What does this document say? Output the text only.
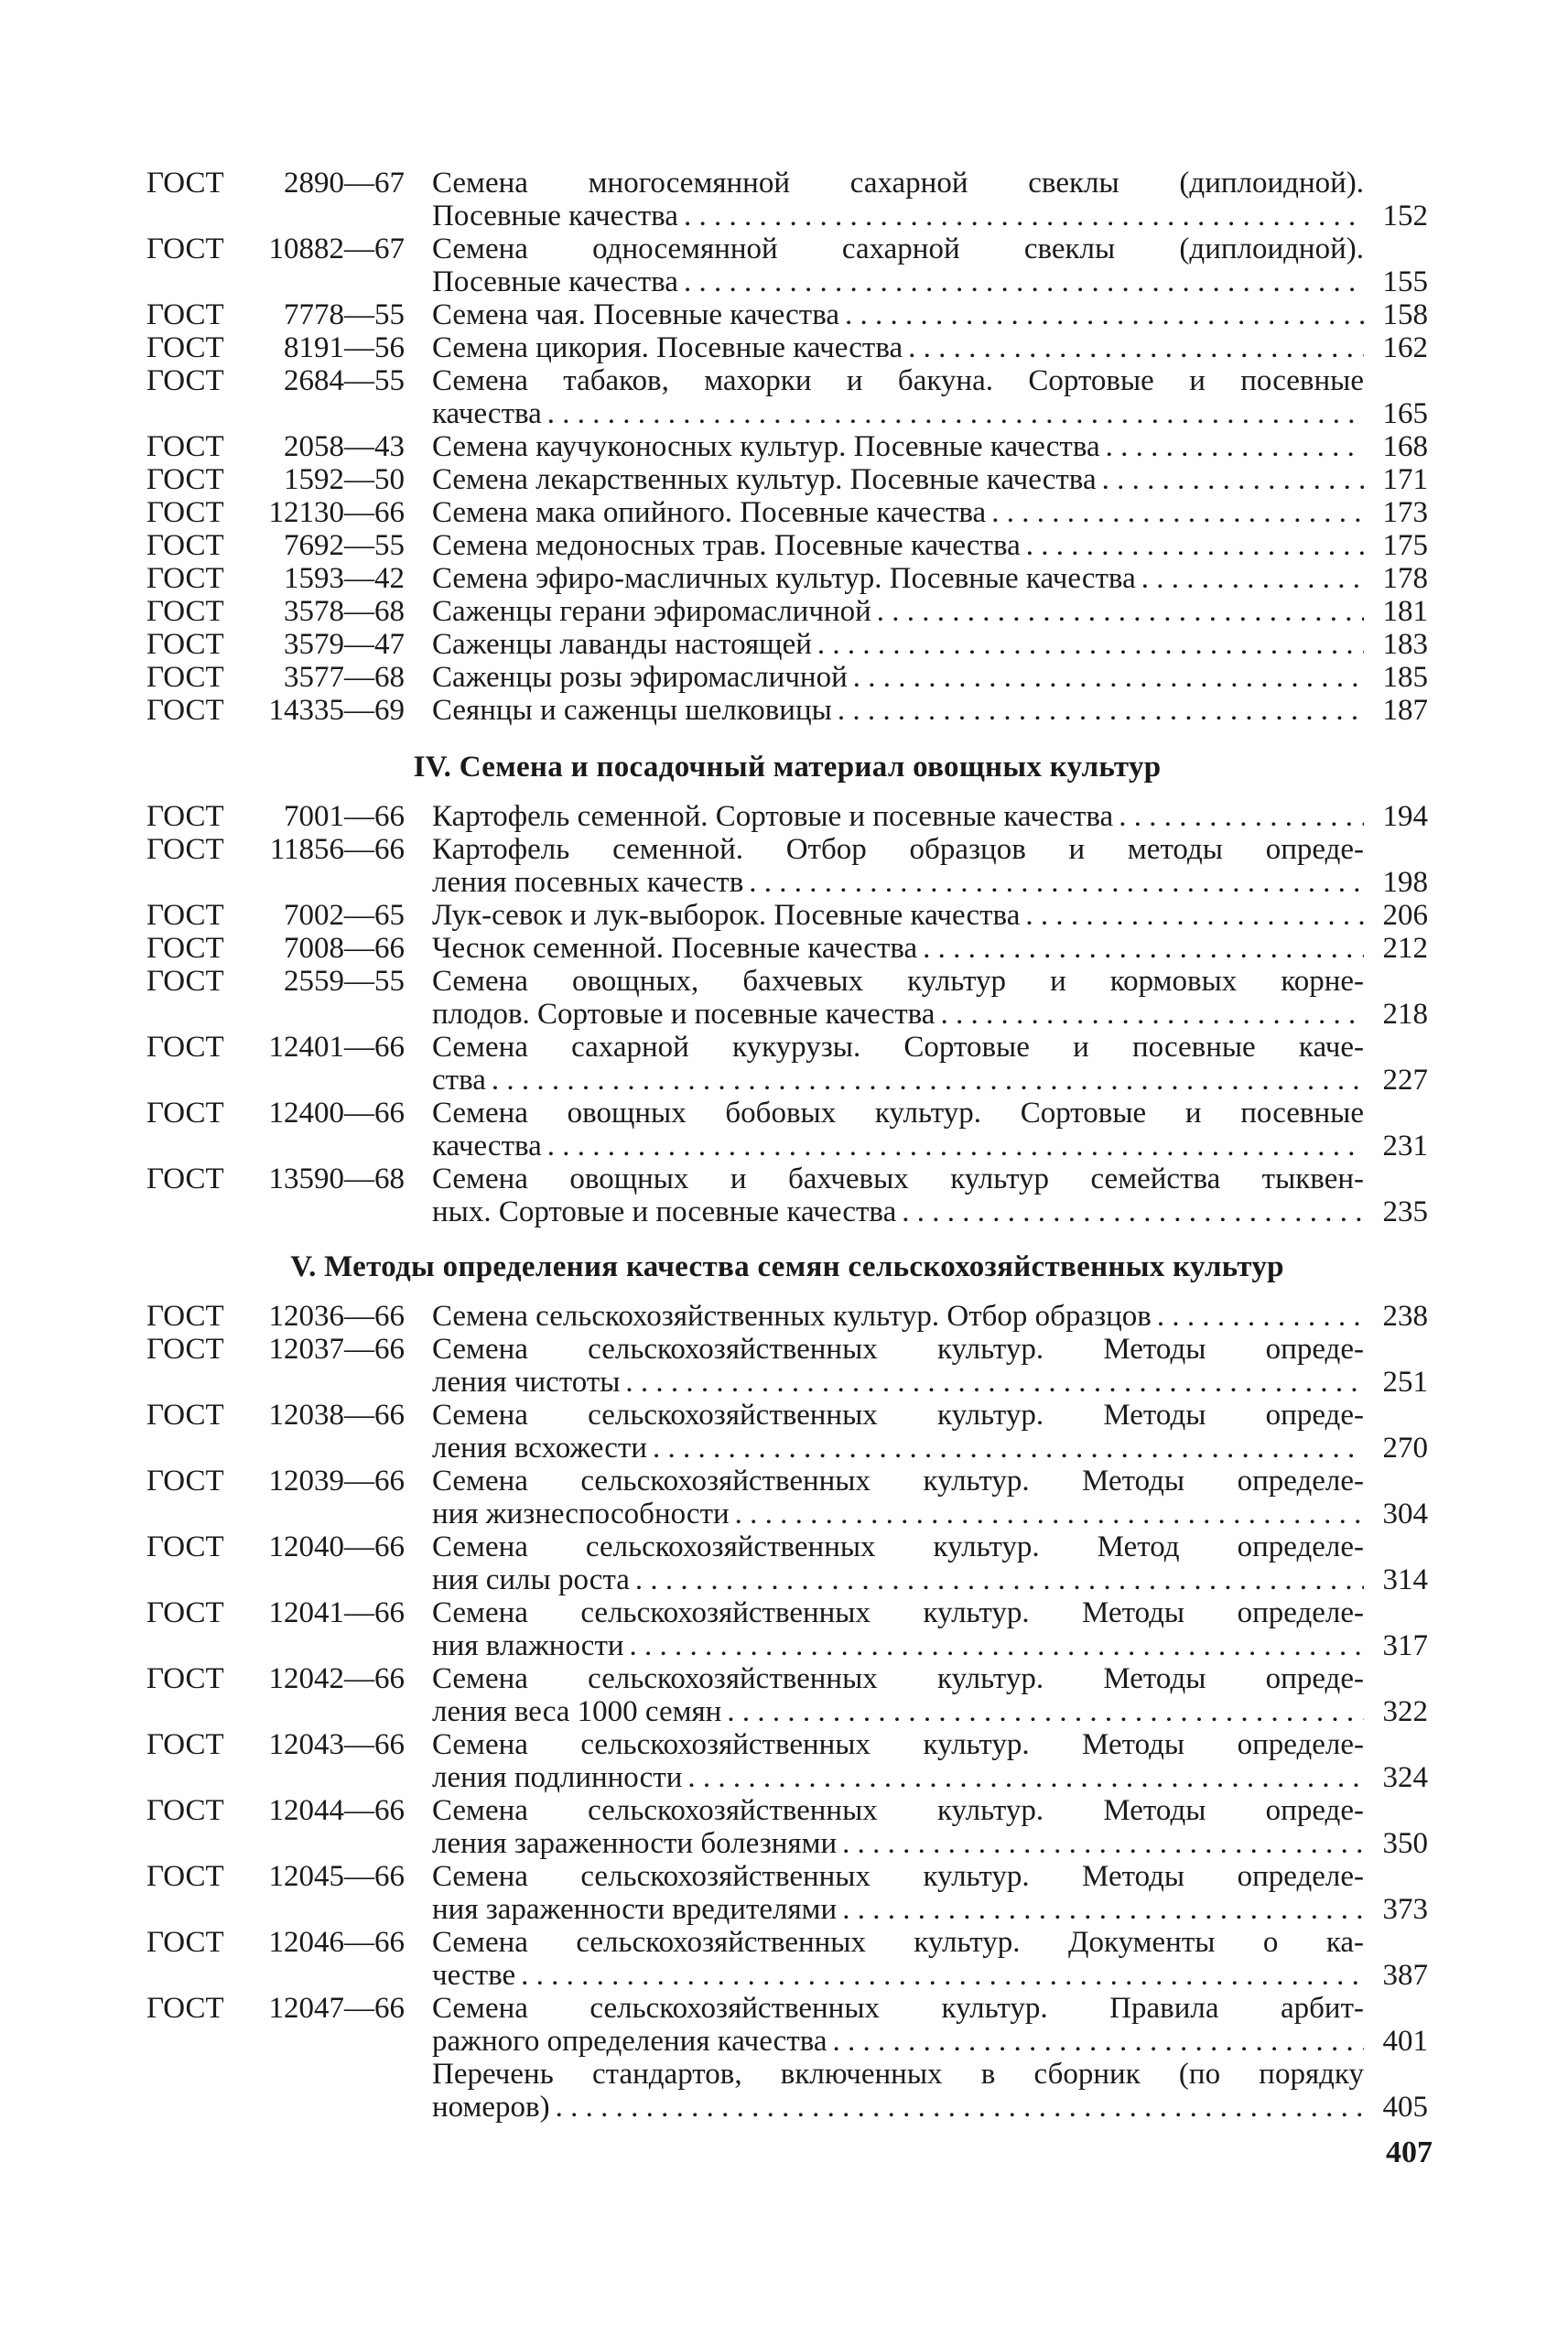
ГОСТ	2890—67 Семена многосемянной сахарной свеклы (диплоидной).
Посевные качества . . .	152
ГОСТ	10882—67 Семена односемянной сахарной свеклы (диплоидной).
Посевные качества . . .	155
ГОСТ	7778—55 Семена чая. Посевные качества . . .	158
ГОСТ	8191—56 Семена цикория. Посевные качества . . .	162
ГОСТ	2684—55 Семена табаков, махорки и бакуна. Сортовые и посевные
качества . . .	165
ГОСТ	2058—43 Семена каучуконосных культур. Посевные качества . . .	168
ГОСТ	1592—50 Семена лекарственных культур. Посевные качества . . .	171
ГОСТ	12130—66 Семена мака опийного. Посевные качества . . .	173
ГОСТ	7692—55 Семена медоносных трав. Посевные качества . . .	175
ГОСТ	1593—42 Семена эфиро-масличных культур. Посевные качества . . .	178
ГОСТ	3578—68 Саженцы герани эфиромасличной . . .	181
ГОСТ	3579—47 Саженцы лаванды настоящей . . .	183
ГОСТ	3577—68 Саженцы розы эфиромасличной . . .	185
ГОСТ	14335—69 Сеянцы и саженцы шелковицы . . .	187
IV. Семена и посадочный материал овощных культур
ГОСТ	7001—66 Картофель семенной. Сортовые и посевные качества . . .	194
ГОСТ	11856—66 Картофель семенной. Отбор образцов и методы опреде-
ления посевных качеств . . .	198
ГОСТ	7002—65 Лук-севок и лук-выборок. Посевные качества . . .	206
ГОСТ	7008—66 Чеснок семенной. Посевные качества . . .	212
ГОСТ	2559—55 Семена овощных, бахчевых культур и кормовых корне-
плодов. Сортовые и посевные качества . . .	218
ГОСТ	12401—66 Семена сахарной кукурузы. Сортовые и посевные каче-
ства . . .	227
ГОСТ	12400—66 Семена овощных бобовых культур. Сортовые и посевные
качества . . .	231
ГОСТ	13590—68 Семена овощных и бахчевых культур семейства тыквен-
ных. Сортовые и посевные качества . . .	235
V. Методы определения качества семян сельскохозяйственных культур
ГОСТ	12036—66 Семена сельскохозяйственных культур. Отбор образцов . . .	238
ГОСТ	12037—66 Семена сельскохозяйственных культур. Методы опреде-
ления чистоты . . .	251
ГОСТ	12038—66 Семена сельскохозяйственных культур. Методы опреде-
ления всхожести . . .	270
ГОСТ	12039—66 Семена сельскохозяйственных культур. Методы определе-
ния жизнеспособности . . .	304
ГОСТ	12040—66 Семена сельскохозяйственных культур. Метод определе-
ния силы роста . . .	314
ГОСТ	12041—66 Семена сельскохозяйственных культур. Методы определе-
ния влажности . . .	317
ГОСТ	12042—66 Семена сельскохозяйственных культур. Методы опреде-
ления веса 1000 семян . . .	322
ГОСТ	12043—66 Семена сельскохозяйственных культур. Методы определе-
ления подлинности . . .	324
ГОСТ	12044—66 Семена сельскохозяйственных культур. Методы опреде-
ления зараженности болезнями . . .	350
ГОСТ	12045—66 Семена сельскохозяйственных культур. Методы определе-
ния зараженности вредителями . . .	373
ГОСТ	12046—66 Семена сельскохозяйственных культур. Документы о ка-
честве . . .	387
ГОСТ	12047—66 Семена сельскохозяйственных культур. Правила арбит-
ражного определения качества . . .	401
Перечень стандартов, включенных в сборник (по порядку
номеров) . . .	405
407
